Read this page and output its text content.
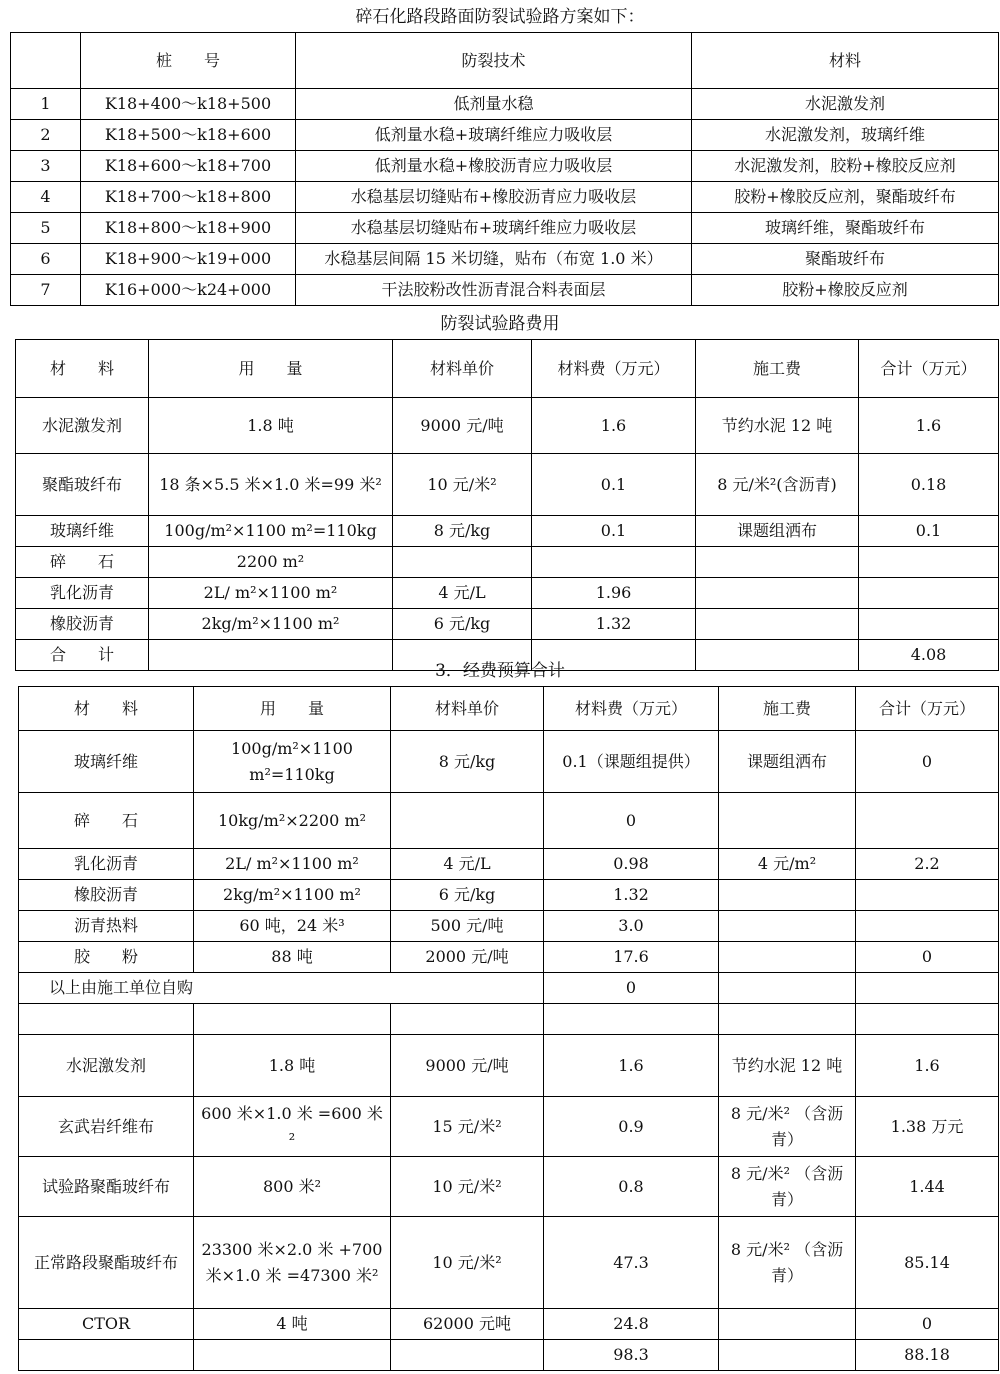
碎石化路段路面防裂试验路方案如下：
	桩　　号	防裂技术	材料
1	K18+400～k18+500	低剂量水稳	水泥激发剂
2	K18+500～k18+600	低剂量水稳+玻璃纤维应力吸收层	水泥激发剂，玻璃纤维
3	K18+600～k18+700	低剂量水稳+橡胶沥青应力吸收层	水泥激发剂，胶粉+橡胶反应剂
4	K18+700～k18+800	水稳基层切缝贴布+橡胶沥青应力吸收层	胶粉+橡胶反应剂，聚酯玻纤布
5	K18+800～k18+900	水稳基层切缝贴布+玻璃纤维应力吸收层	玻璃纤维，聚酯玻纤布
6	K18+900～k19+000	水稳基层间隔 15 米切缝，贴布（布宽 1.0 米）	聚酯玻纤布
7	K16+000～k24+000	干法胶粉改性沥青混合料表面层	胶粉+橡胶反应剂
防裂试验路费用
材　　料	用　　量	材料单价	材料费（万元）	施工费	合计（万元）
水泥激发剂	1.8 吨	9000 元/吨	1.6	节约水泥 12 吨	1.6
聚酯玻纤布	18 条×5.5 米×1.0 米=99 米²	10 元/米²	0.1	8 元/米²(含沥青)	0.18
玻璃纤维	100g/m²×1100 m²=110kg	8 元/kg	0.1	课题组洒布	0.1
碎　　石	2200 m²				
乳化沥青	2L/ m²×1100 m²	4 元/L	1.96		
橡胶沥青	2kg/m²×1100 m²	6 元/kg	1.32		
合　　计					4.08
3．经费预算合计
材　　料	用　　量	材料单价	材料费（万元）	施工费	合计（万元）
玻璃纤维	100g/m²×1100 m²=110kg	8 元/kg	0.1（课题组提供）	课题组洒布	0
碎　　石	10kg/m²×2200 m²		0		
乳化沥青	2L/ m²×1100 m²	4 元/L	0.98	4 元/m²	2.2
橡胶沥青	2kg/m²×1100 m²	6 元/kg	1.32		
沥青热料	60 吨，24 米³	500 元/吨	3.0		
胶　　粉	88 吨	2000 元/吨	17.6		0
以上由施工单位自购			0		

水泥激发剂	1.8 吨	9000 元/吨	1.6	节约水泥 12 吨	1.6
玄武岩纤维布	600 米×1.0 米 =600 米²	15 元/米²	0.9	8 元/米² （含沥青）	1.38 万元
试验路聚酯玻纤布	800 米²	10 元/米²	0.8	8 元/米² （含沥青）	1.44
正常路段聚酯玻纤布	23300 米×2.0 米 +700 米×1.0 米 =47300 米²	10 元/米²	47.3	8 元/米² （含沥青）	85.14
CTOR	4 吨	62000 元吨	24.8		0
			98.3		88.18
